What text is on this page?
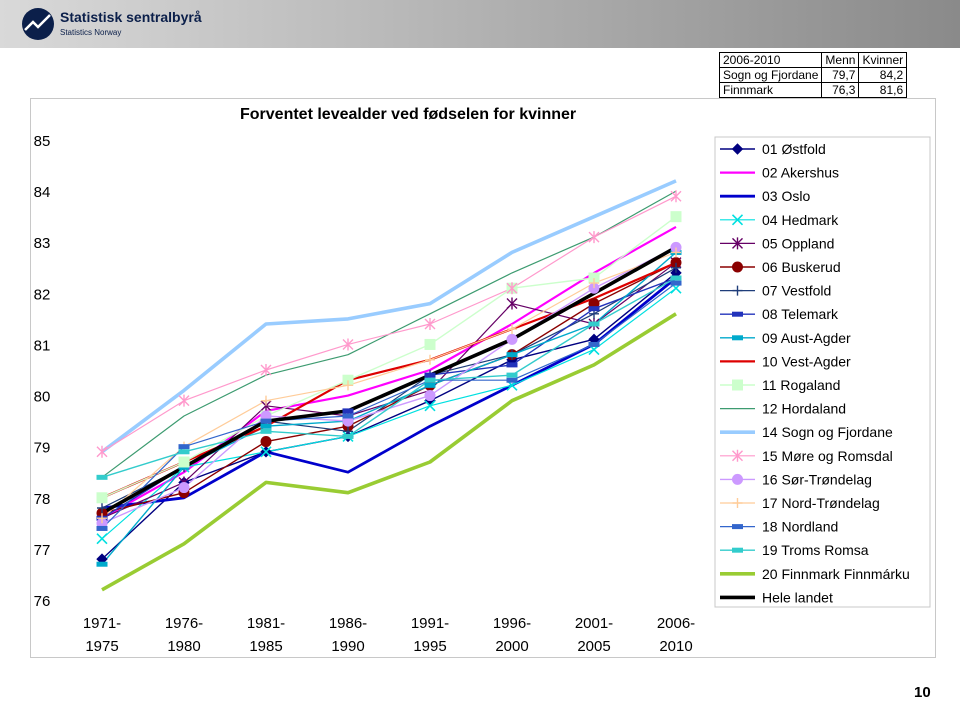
Statistisk sentralbyrå
Statistics Norway
2006-2010	Menn	Kvinner
Sogn og Fjordane	79,7	84,2
Finnmark	76,3	81,6
Forventet levealder ved fødselen for kvinner
76
77
78
79
80
81
82
83
84
85
1971-
1975
1976-
1980
1981-
1985
1986-
1990
1991-
1995
1996-
2000
2001-
2005
2006-
2010
01 Østfold
02 Akershus
03 Oslo
04 Hedmark
05 Oppland
06 Buskerud
07 Vestfold
08 Telemark
09 Aust-Agder
10 Vest-Agder
11 Rogaland
12 Hordaland
14 Sogn og Fjordane
15 Møre og Romsdal
16 Sør-Trøndelag
17 Nord-Trøndelag
18 Nordland
19 Troms Romsa
20 Finnmark Finnmárku
Hele landet
10
